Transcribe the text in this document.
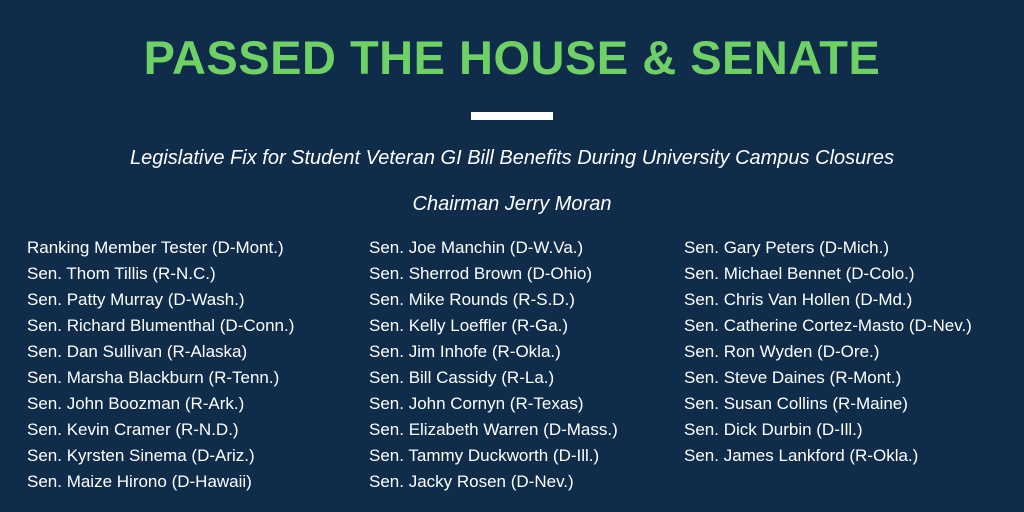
PASSED THE HOUSE & SENATE
Legislative Fix for Student Veteran GI Bill Benefits During University Campus Closures
Chairman Jerry Moran
Ranking Member Tester (D-Mont.)
Sen. Thom Tillis (R-N.C.)
Sen. Patty Murray (D-Wash.)
Sen. Richard Blumenthal (D-Conn.)
Sen. Dan Sullivan (R-Alaska)
Sen. Marsha Blackburn (R-Tenn.)
Sen. John Boozman (R-Ark.)
Sen. Kevin Cramer (R-N.D.)
Sen. Kyrsten Sinema (D-Ariz.)
Sen. Maize Hirono (D-Hawaii)
Sen. Joe Manchin (D-W.Va.)
Sen. Sherrod Brown (D-Ohio)
Sen. Mike Rounds (R-S.D.)
Sen. Kelly Loeffler (R-Ga.)
Sen. Jim Inhofe (R-Okla.)
Sen. Bill Cassidy (R-La.)
Sen. John Cornyn (R-Texas)
Sen. Elizabeth Warren (D-Mass.)
Sen. Tammy Duckworth (D-Ill.)
Sen. Jacky Rosen (D-Nev.)
Sen. Gary Peters (D-Mich.)
Sen. Michael Bennet (D-Colo.)
Sen. Chris Van Hollen (D-Md.)
Sen. Catherine Cortez-Masto (D-Nev.)
Sen. Ron Wyden (D-Ore.)
Sen. Steve Daines (R-Mont.)
Sen. Susan Collins (R-Maine)
Sen. Dick Durbin (D-Ill.)
Sen. James Lankford (R-Okla.)
